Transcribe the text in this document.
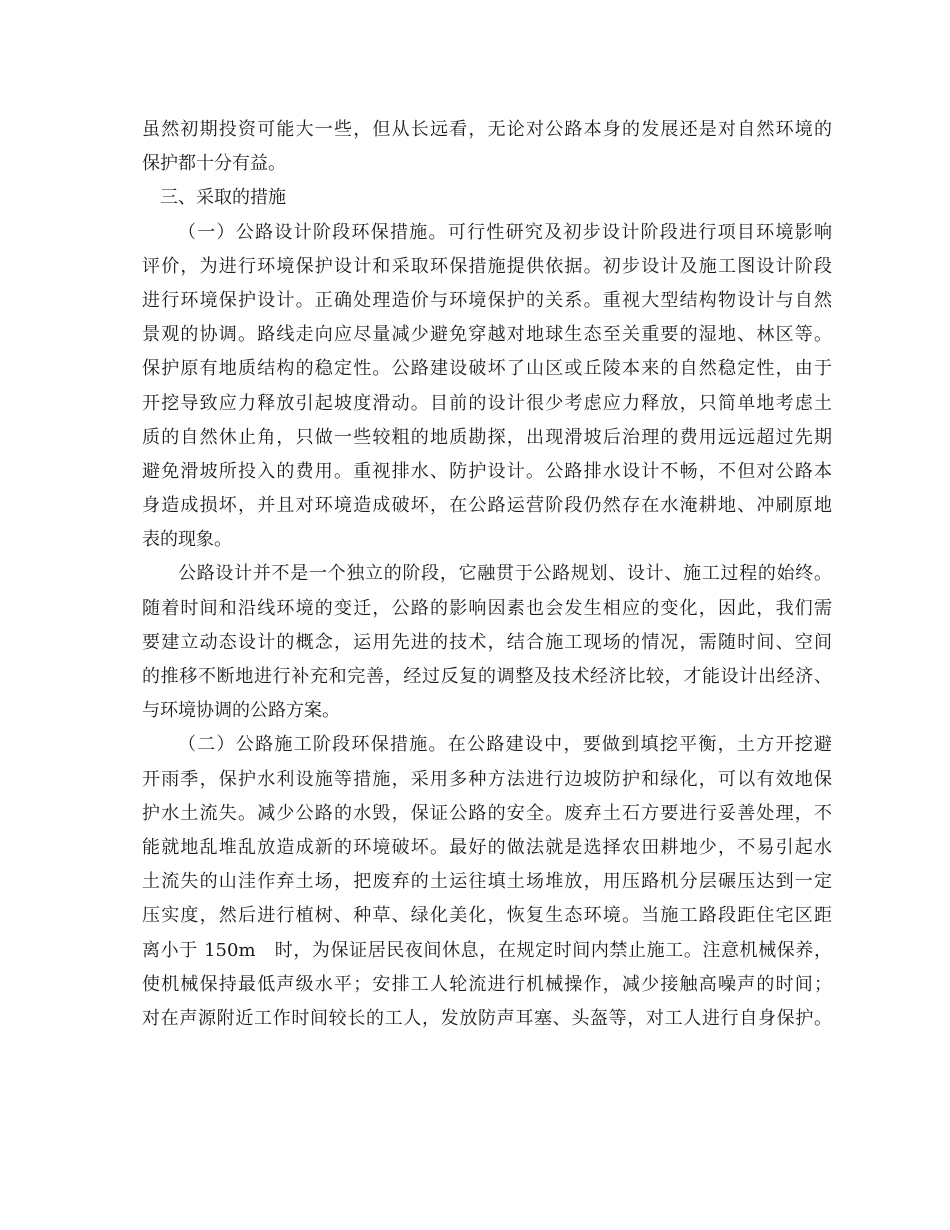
虽然初期投资可能大一些，但从长远看，无论对公路本身的发展还是对自然环境的
保护都十分有益。
三、采取的措施
（一）公路设计阶段环保措施。可行性研究及初步设计阶段进行项目环境影响
评价，为进行环境保护设计和采取环保措施提供依据。初步设计及施工图设计阶段
进行环境保护设计。正确处理造价与环境保护的关系。重视大型结构物设计与自然
景观的协调。路线走向应尽量减少避免穿越对地球生态至关重要的湿地、林区等。
保护原有地质结构的稳定性。公路建设破坏了山区或丘陵本来的自然稳定性，由于
开挖导致应力释放引起坡度滑动。目前的设计很少考虑应力释放，只简单地考虑土
质的自然休止角，只做一些较粗的地质勘探，出现滑坡后治理的费用远远超过先期
避免滑坡所投入的费用。重视排水、防护设计。公路排水设计不畅，不但对公路本
身造成损坏，并且对环境造成破坏，在公路运营阶段仍然存在水淹耕地、冲刷原地
表的现象。
公路设计并不是一个独立的阶段，它融贯于公路规划、设计、施工过程的始终。
随着时间和沿线环境的变迁，公路的影响因素也会发生相应的变化，因此，我们需
要建立动态设计的概念，运用先进的技术，结合施工现场的情况，需随时间、空间
的推移不断地进行补充和完善，经过反复的调整及技术经济比较，才能设计出经济、
与环境协调的公路方案。
（二）公路施工阶段环保措施。在公路建设中，要做到填挖平衡，土方开挖避
开雨季，保护水利设施等措施，采用多种方法进行边坡防护和绿化，可以有效地保
护水土流失。减少公路的水毁，保证公路的安全。废弃土石方要进行妥善处理，不
能就地乱堆乱放造成新的环境破坏。最好的做法就是选择农田耕地少，不易引起水
土流失的山洼作弃土场，把废弃的土运往填土场堆放，用压路机分层碾压达到一定
压实度，然后进行植树、种草、绿化美化，恢复生态环境。当施工路段距住宅区距
离小于 150m　时，为保证居民夜间休息，在规定时间内禁止施工。注意机械保养，
使机械保持最低声级水平；安排工人轮流进行机械操作，减少接触高噪声的时间；
对在声源附近工作时间较长的工人，发放防声耳塞、头盔等，对工人进行自身保护。
